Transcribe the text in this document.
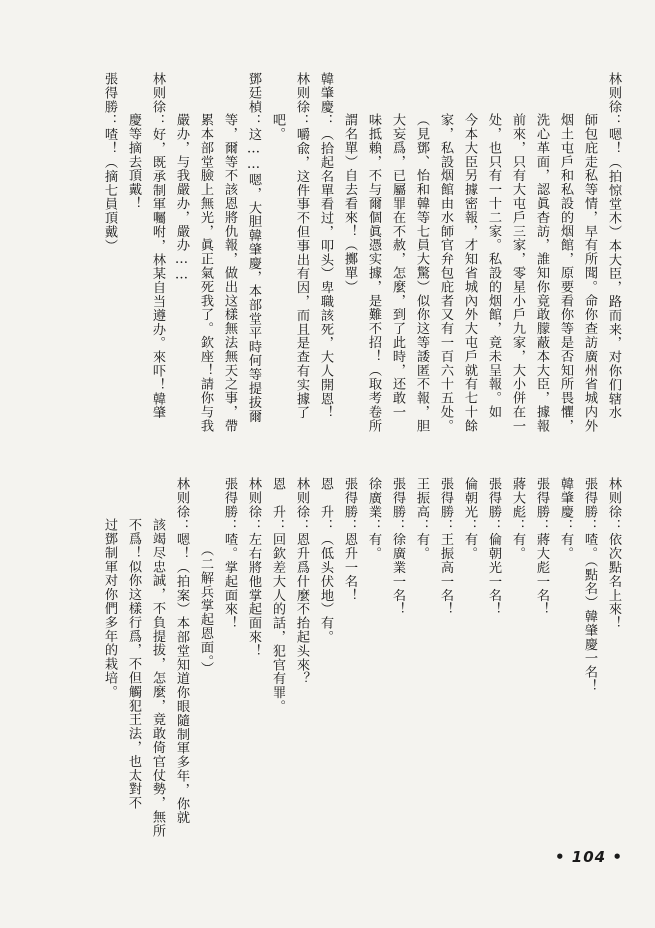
林则徐：嗯！（拍惊堂木）本大臣，路而来，对你们辖水
師包庇走私等情，早有所聞。命你查訪廣州省城内外
烟土屯戶和私設的烟館，原要看你等是否知所畏懼，
洗心革面，認眞杳訪，誰知你竟敢朦蔽本大臣，據報
前來，只有大屯戶三家，零星小戶九家，大小併在一
处，也只有一十二家。私設的烟館，竟未呈報。如
今本大臣另據密報，才知省城內外大屯戶就有七十餘
家，私設烟館由水師官弁包庇者又有一百六十五处。
（見鄧、怡和韓等七員大驚）似你这等諉匿不報，胆
大妄爲，已屬罪在不赦，怎麼，到了此時，还敢一
味抵賴，不与爾個眞憑实據，是難不招！（取考卷所
謂名單）自去看來！（擲單）
韓肇慶：（拾起名單看过，叩头）卑職該死，大人開恩！
林则徐：嚼兪，这件事不但事出有因，而且是查有实據了
吧。
鄧廷楨：这……嗯，大胆韓肇慶，本部堂平時何等提拔爾
等，爾等不該恩將仇報，做出这樣無法無天之事，帶
累本部堂臉上無光，眞正氣死我了。欽座！請你与我
嚴办，与我嚴办，嚴办……
林则徐：好，既承制軍囑咐，林某自当遵办。來吓！韓肇
慶等摘去頂戴！
張得勝：喳！（摘七員頂戴）
林则徐：依次點名上來！
張得勝：喳。（點名）韓肇慶一名！
韓肇慶：有。
張得勝：蔣大彪一名！
蔣大彪：有。
張得勝：倫朝光一名！
倫朝光：有。
張得勝：王振高一名！
王振高：有。
張得勝：徐廣業一名！
徐廣業：有。
張得勝：恩升一名！
恩　升：（低头伏地）有。
林则徐：恩升爲什麼不抬起头來？
恩　升：回欽差大人的話，犯官有罪。
林则徐：左右將他掌起面來！
張得勝：喳。掌起面來！
（二解兵掌起恩面。）
林则徐：嗯！（拍案）本部堂知道你眼隨制軍多年，你就
該竭尽忠誠，不負提拔，怎麼，竟敢倚官仗勢，無所
不爲！似你这樣行爲，不但觸犯王法，也太對不
过鄧制軍对你們多年的栽培。
• 104 •
